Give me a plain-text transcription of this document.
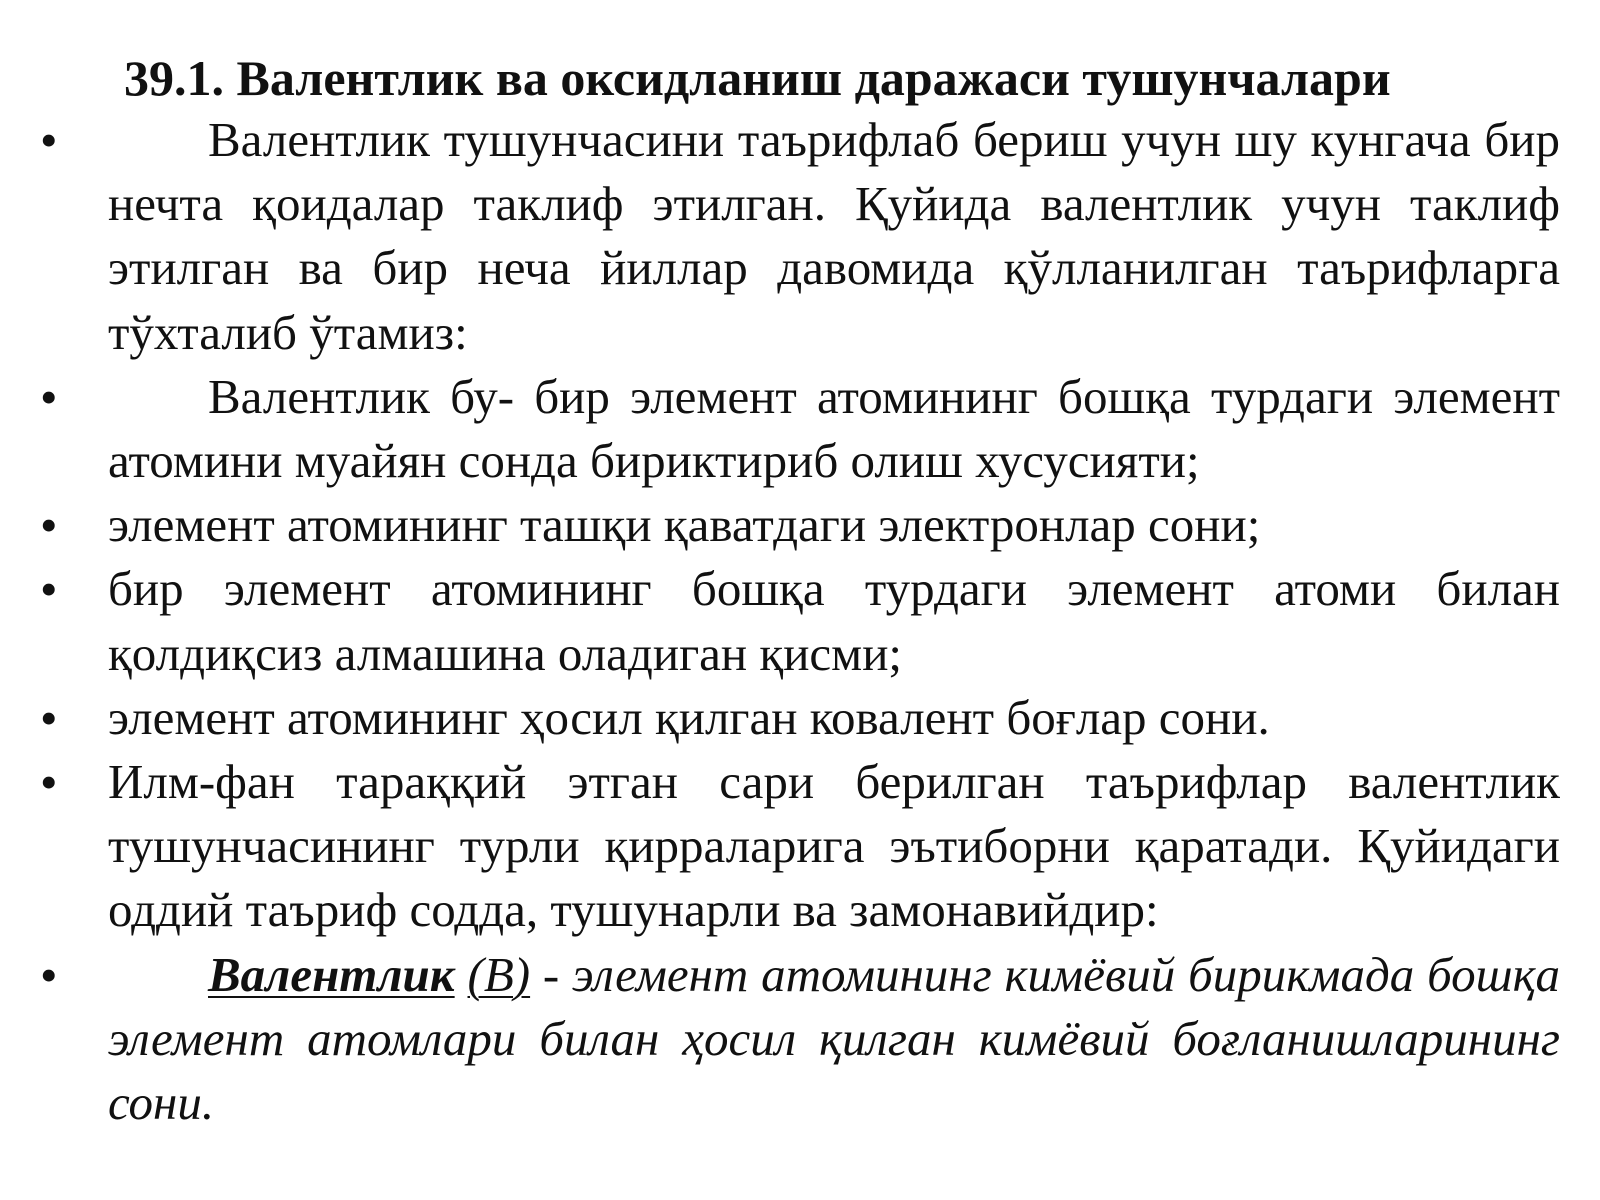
39.1. Валентлик ва оксидланиш даражаси тушунчалари
•	Валентлик тушунчасини таърифлаб бериш учун шу кунгача бир нечта қоидалар таклиф этилган. Қуйида валентлик учун таклиф этилган ва бир неча йиллар давомида қўлланилган таърифларга тўхталиб ўтамиз:

•	Валентлик бу- бир элемент атомининг бошқа турдаги элемент атомини муайян сонда бириктириб олиш хусусияти;

• элемент атомининг ташқи қаватдаги электронлар сони;

• бир элемент атомининг бошқа турдаги элемент атоми билан қолдиқсиз алмашина оладиган қисми;

• элемент атомининг ҳосил қилган ковалент боғлар сони.

• Илм-фан тараққий этган сари берилган таърифлар валентлик тушунчасининг турли қирраларига эътиборни қаратади. Қуйидаги оддий таъриф содда, тушунарли ва замонавийдир:

•	Валентлик (В) - элемент атомининг кимёвий бирикмада бошқа элемент атомлари билан ҳосил қилган кимёвий боғланишларининг сони.
